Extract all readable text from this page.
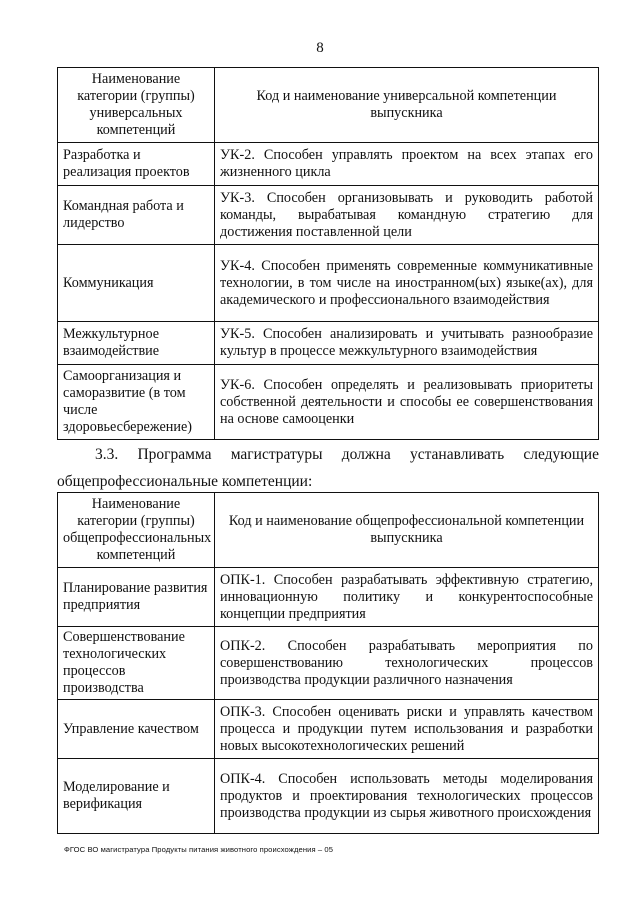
8
Наименование категории (группы) универсальных компетенций	Код и наименование универсальной компетенции выпускника
Разработка и реализация проектов	УК-2. Способен управлять проектом на всех этапах его жизненного цикла
Командная работа и лидерство	УК-3. Способен организовывать и руководить работой команды, вырабатывая командную стратегию для достижения поставленной цели
Коммуникация	УК-4. Способен применять современные коммуникативные технологии, в том числе на иностранном(ых) языке(ах), для академического и профессионального взаимодействия
Межкультурное взаимодействие	УК-5. Способен анализировать и учитывать разнообразие культур в процессе межкультурного взаимодействия
Самоорганизация и саморазвитие (в том числе здоровьесбережение)	УК-6. Способен определять и реализовывать приоритеты собственной деятельности и способы ее совершенствования на основе самооценки
3.3. Программа магистратуры должна устанавливать следующие
общепрофессиональные компетенции:
Наименование категории (группы) общепрофессиональных компетенций	Код и наименование общепрофессиональной компетенции выпускника
Планирование развития предприятия	ОПК-1. Способен разрабатывать эффективную стратегию, инновационную политику и конкурентоспособные концепции предприятия
Совершенствование технологических процессов производства	ОПК-2. Способен разрабатывать мероприятия по совершенствованию технологических процессов производства продукции различного назначения
Управление качеством	ОПК-3. Способен оценивать риски и управлять качеством процесса и продукции путем использования и разработки новых высокотехнологических решений
Моделирование и верификация	ОПК-4. Способен использовать методы моделирования продуктов и проектирования технологических процессов производства продукции из сырья животного происхождения
ФГОС ВО магистратура Продукты питания животного происхождения – 05
